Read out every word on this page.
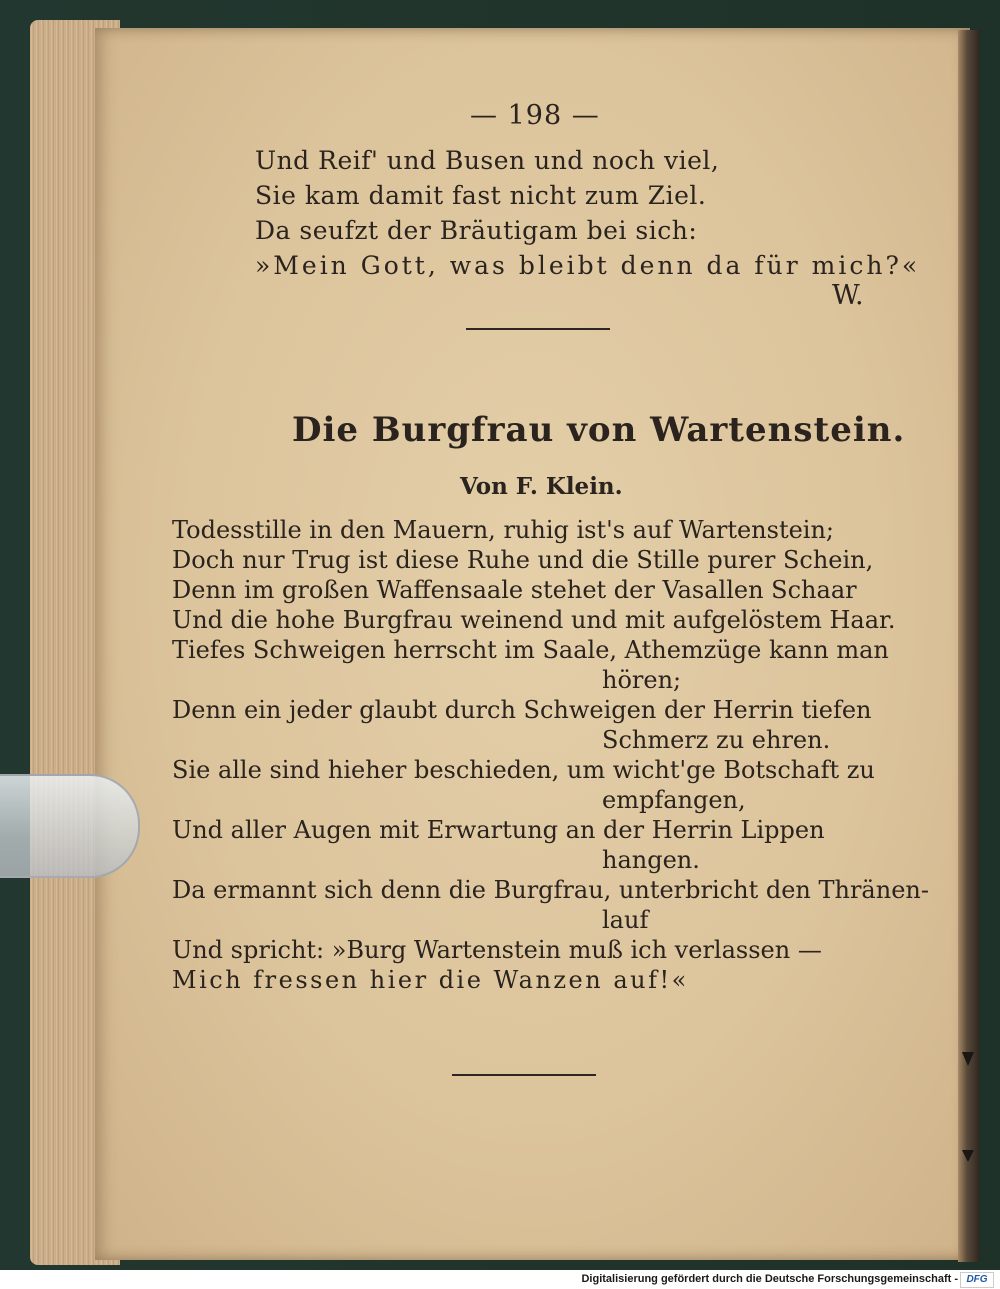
— 198 —
Und Reif' und Busen und noch viel,
Sie kam damit fast nicht zum Ziel.
Da seufzt der Bräutigam bei sich:
»Mein Gott, was bleibt denn da für mich?«
W.
Die Burgfrau von Wartenstein.
Von F. Klein.
Todesstille in den Mauern, ruhig ist's auf Wartenstein;
Doch nur Trug ist diese Ruhe und die Stille purer Schein,
Denn im großen Waffensaale stehet der Vasallen Schaar
Und die hohe Burgfrau weinend und mit aufgelöstem Haar.
Tiefes Schweigen herrscht im Saale, Athemzüge kann man
hören;
Denn ein jeder glaubt durch Schweigen der Herrin tiefen
Schmerz zu ehren.
Sie alle sind hieher beschieden, um wicht'ge Botschaft zu
empfangen,
Und aller Augen mit Erwartung an der Herrin Lippen
hangen.
Da ermannt sich denn die Burgfrau, unterbricht den Thränen-
lauf
Und spricht: »Burg Wartenstein muß ich verlassen —
Mich fressen hier die Wanzen auf!«
Digitalisierung gefördert durch die Deutsche Forschungsgemeinschaft - DFG
